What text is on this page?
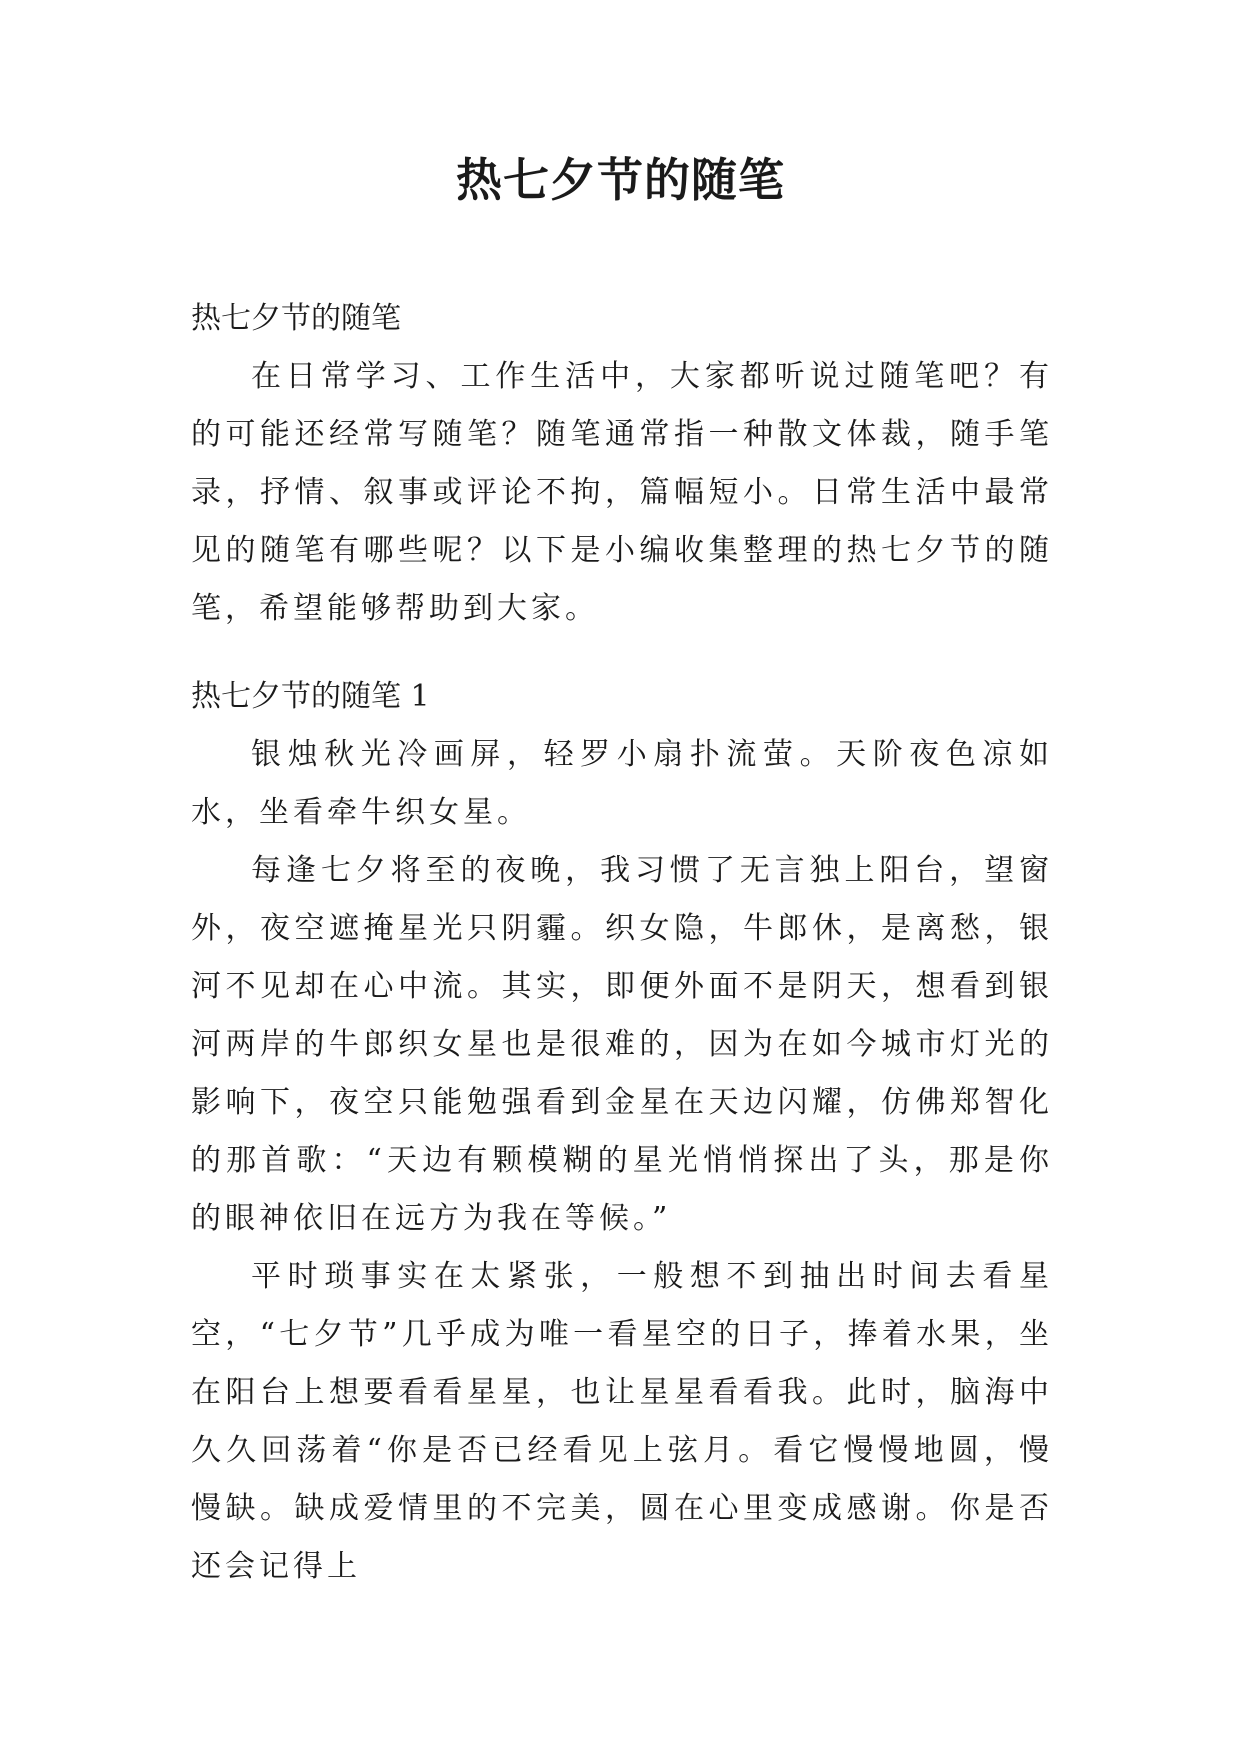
热七夕节的随笔

热七夕节的随笔

在日常学习、工作生活中，大家都听说过随笔吧？有的可能还经常写随笔？随笔通常指一种散文体裁，随手笔录，抒情、叙事或评论不拘，篇幅短小。日常生活中最常见的随笔有哪些呢？以下是小编收集整理的热七夕节的随笔，希望能够帮助到大家。

热七夕节的随笔 1

银烛秋光冷画屏，轻罗小扇扑流萤。天阶夜色凉如水，坐看牵牛织女星。

每逢七夕将至的夜晚，我习惯了无言独上阳台，望窗外，夜空遮掩星光只阴霾。织女隐，牛郎休，是离愁，银河不见却在心中流。其实，即便外面不是阴天，想看到银河两岸的牛郎织女星也是很难的，因为在如今城市灯光的影响下，夜空只能勉强看到金星在天边闪耀，仿佛郑智化的那首歌：“天边有颗模糊的星光悄悄探出了头，那是你的眼神依旧在远方为我在等候。”

平时琐事实在太紧张，一般想不到抽出时间去看星空，“七夕节”几乎成为唯一看星空的日子，捧着水果，坐在阳台上想要看看星星，也让星星看看我。此时，脑海中久久回荡着“你是否已经看见上弦月。看它慢慢地圆，慢慢缺。缺成爱情里的不完美，圆在心里变成感谢。你是否还会记得上
